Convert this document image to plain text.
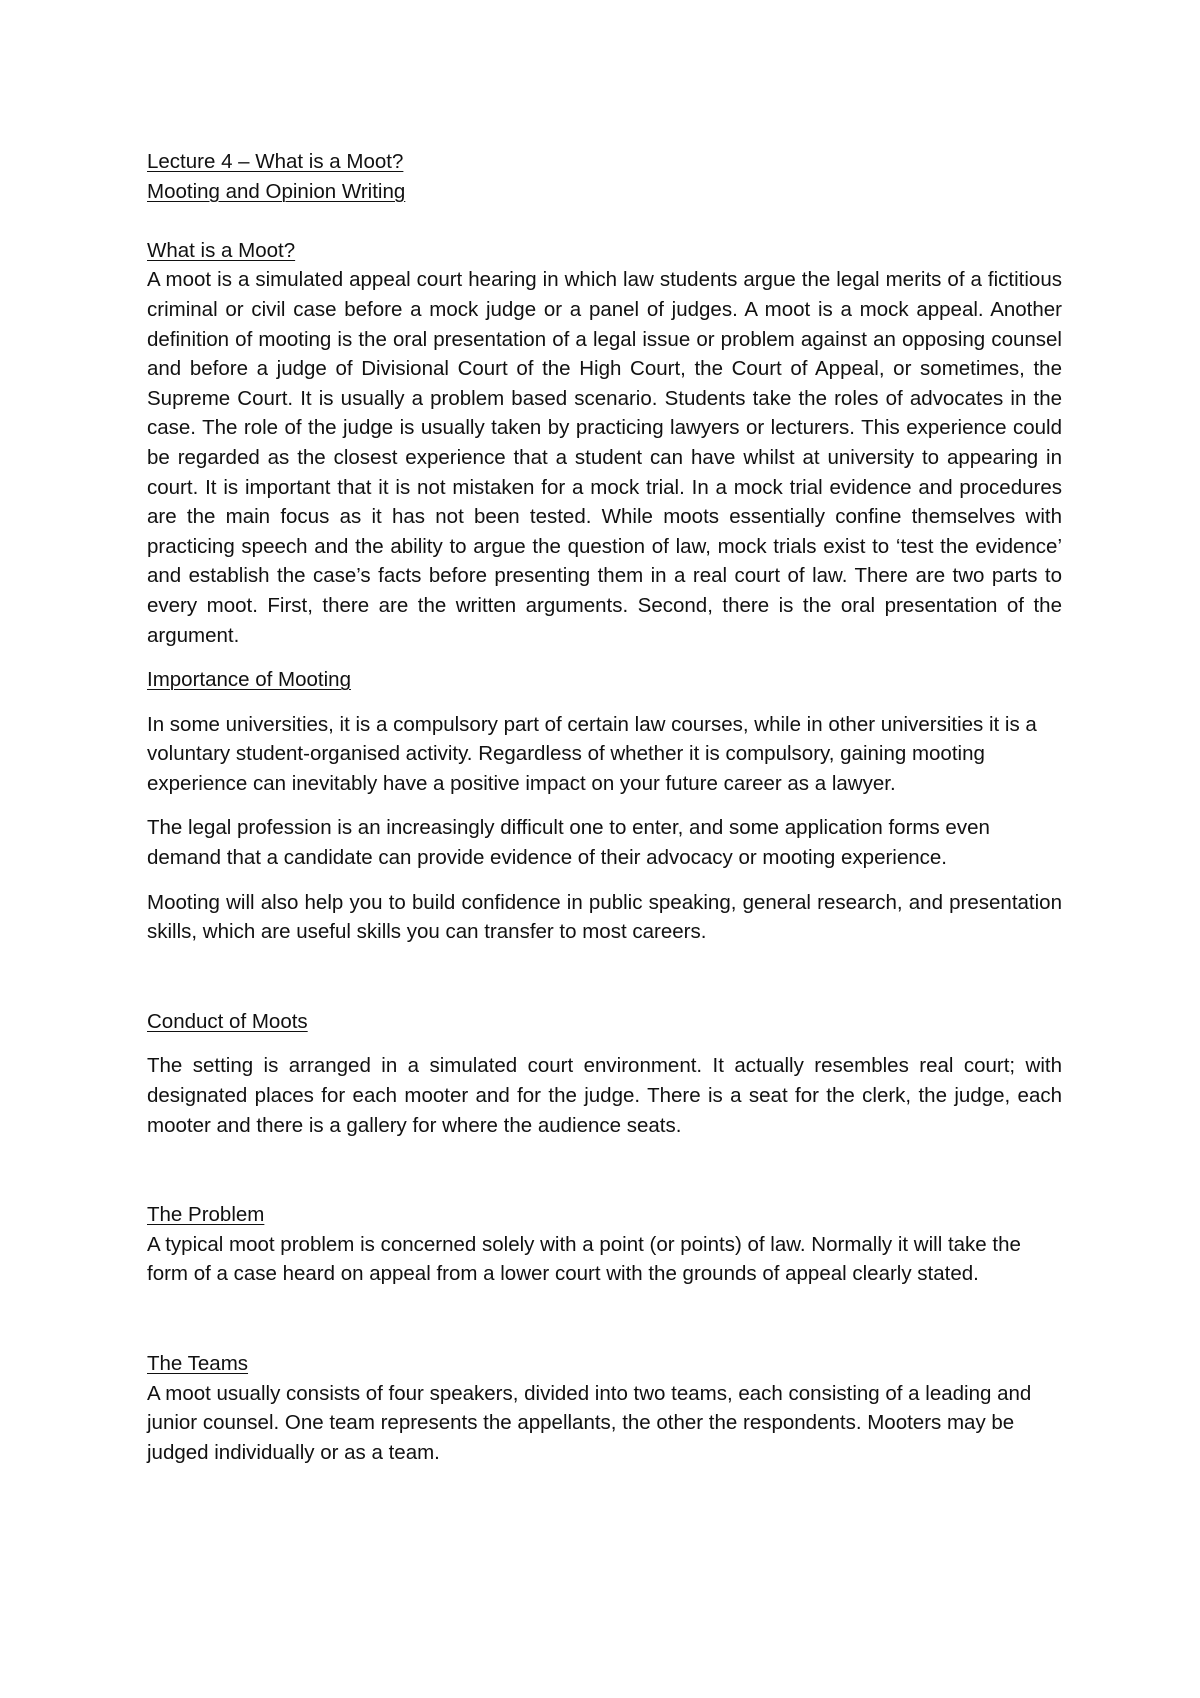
Lecture 4 – What is a Moot?
Mooting and Opinion Writing
What is a Moot?

A moot is a simulated appeal court hearing in which law students argue the legal merits of a fictitious criminal or civil case before a mock judge or a panel of judges. A moot is a mock appeal. Another definition of mooting is the oral presentation of a legal issue or problem against an opposing counsel and before a judge of Divisional Court of the High Court, the Court of Appeal, or sometimes, the Supreme Court. It is usually a problem based scenario. Students take the roles of advocates in the case. The role of the judge is usually taken by practicing lawyers or lecturers. This experience could be regarded as the closest experience that a student can have whilst at university to appearing in court. It is important that it is not mistaken for a mock trial. In a mock trial evidence and procedures are the main focus as it has not been tested. While moots essentially confine themselves with practicing speech and the ability to argue the question of law, mock trials exist to ‘test the evidence’ and establish the case’s facts before presenting them in a real court of law. There are two parts to every moot. First, there are the written arguments. Second, there is the oral presentation of the argument.

Importance of Mooting

In some universities, it is a compulsory part of certain law courses, while in other universities it is a voluntary student-organised activity. Regardless of whether it is compulsory, gaining mooting experience can inevitably have a positive impact on your future career as a lawyer.

The legal profession is an increasingly difficult one to enter, and some application forms even demand that a candidate can provide evidence of their advocacy or mooting experience.

Mooting will also help you to build confidence in public speaking, general research, and presentation skills, which are useful skills you can transfer to most careers.

Conduct of Moots

The setting is arranged in a simulated court environment. It actually resembles real court; with designated places for each mooter and for the judge. There is a seat for the clerk, the judge, each mooter and there is a gallery for where the audience seats.

The Problem

A typical moot problem is concerned solely with a point (or points) of law. Normally it will take the form of a case heard on appeal from a lower court with the grounds of appeal clearly stated.

The Teams

A moot usually consists of four speakers, divided into two teams, each consisting of a leading and junior counsel. One team represents the appellants, the other the respondents. Mooters may be judged individually or as a team.
